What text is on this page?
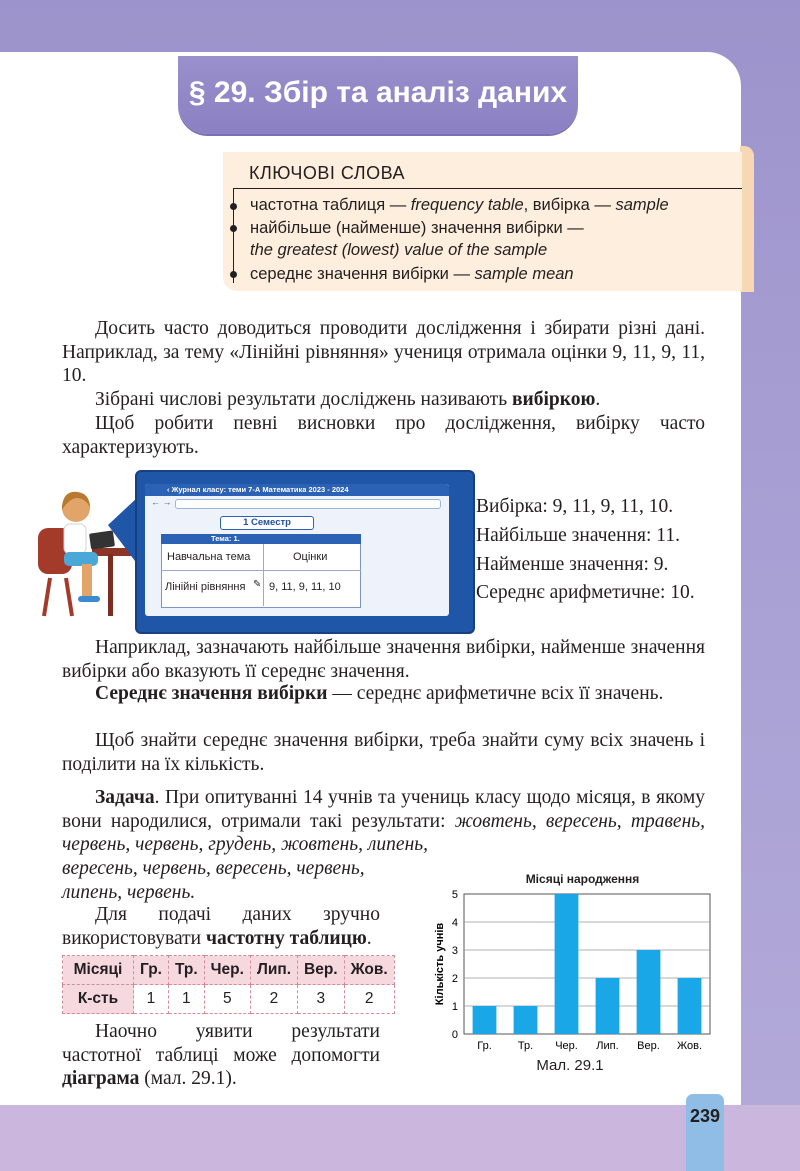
§ 29. Збір та аналіз даних
КЛЮЧОВІ СЛОВА
частотна таблиця — frequency table, вибірка — sample
найбільше (найменше) значення вибірки —
the greatest (lowest) value of the sample
середнє значення вибірки — sample mean
Досить часто доводиться проводити дослідження і збирати різні дані. Наприклад, за тему «Лінійні рівняння» учениця отримала оцінки 9, 11, 9, 11, 10.
Зібрані числові результати досліджень називають вибіркою.
Щоб робити певні висновки про дослідження, вибірку часто характеризують.
‹ Журнал класу: теми 7-А Математика 2023 - 2024
← →
1 Семестр
Тема: 1.
Навчальна тема	Оцінки
Лінійні рівняння ✎ 9, 11, 9, 11, 10
Вибірка: 9, 11, 9, 11, 10.
Найбільше значення: 11.
Найменше значення: 9.
Середнє арифметичне: 10.
Наприклад, зазначають найбільше значення вибірки, найменше значення вибірки або вказують її середнє значення.
Середнє значення вибірки — середнє арифметичне всіх її значень.
Щоб знайти середнє значення вибірки, треба знайти суму всіх значень і поділити на їх кількість.
Задача. При опитуванні 14 учнів та учениць класу щодо місяця, в якому вони народилися, отримали такі результати: жовтень, вересень, травень, червень, червень, грудень, жовтень, липень,
вересень, червень, вересень, червень,
липень, червень.
Для подачі даних зручно використовувати частотну таблицю.
Місяці	Гр.	Тр.	Чер.	Лип.	Вер.	Жов.
К-сть	1	1	5	2	3	2
Наочно уявити результати частотної таблиці може допомогти діаграма (мал. 29.1).
Місяці народження
0
1
2
3
4
5
Кількість учнів
Гр. Тр. Чер. Лип. Вер. Жов.
Мал. 29.1
239
